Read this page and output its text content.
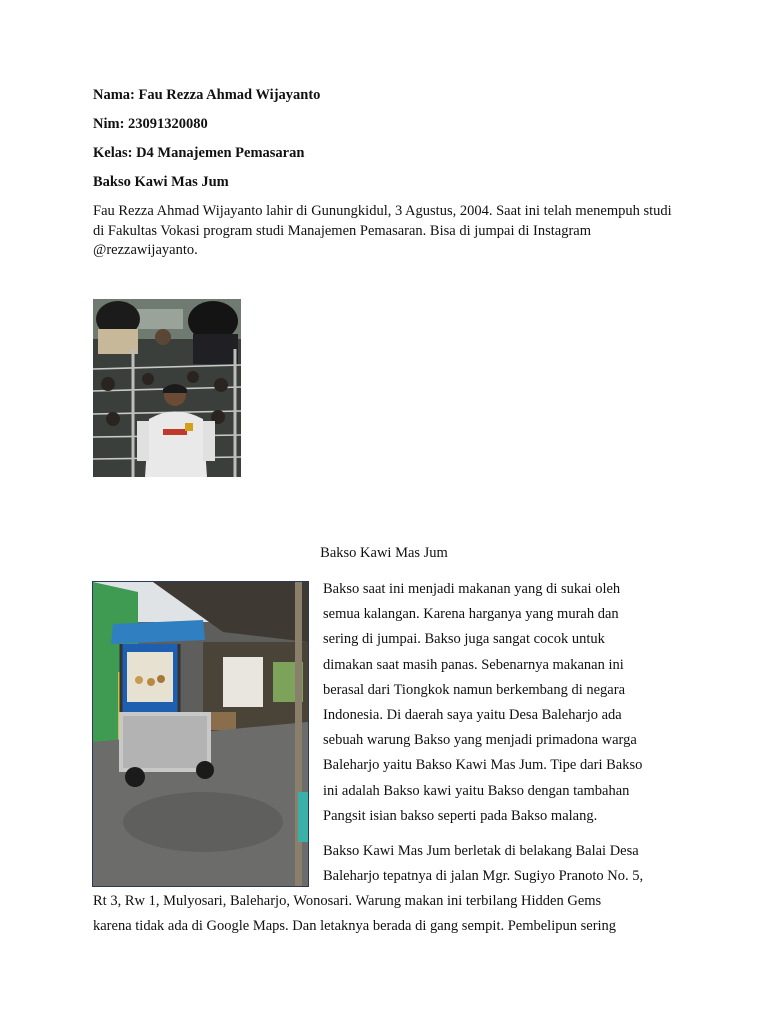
Nama: Fau Rezza Ahmad Wijayanto
Nim: 23091320080
Kelas: D4 Manajemen Pemasaran
Bakso Kawi Mas Jum
Fau Rezza Ahmad Wijayanto lahir di Gunungkidul, 3 Agustus, 2004. Saat ini telah menempuh studi di Fakultas Vokasi program studi Manajemen Pemasaran. Bisa di jumpai di Instagram @rezzawijayanto.
Bakso Kawi Mas Jum
Bakso saat ini menjadi makanan yang di sukai oleh
semua kalangan. Karena harganya yang murah dan
sering di jumpai. Bakso juga sangat cocok untuk
dimakan saat masih panas. Sebenarnya makanan ini
berasal dari Tiongkok namun berkembang di negara
Indonesia. Di daerah saya yaitu Desa Baleharjo ada
sebuah warung Bakso yang menjadi primadona warga
Baleharjo yaitu Bakso Kawi Mas Jum. Tipe dari Bakso
ini adalah Bakso kawi yaitu Bakso dengan tambahan
Pangsit isian bakso seperti pada Bakso malang.
Bakso Kawi Mas Jum berletak di belakang Balai Desa
Baleharjo tepatnya di jalan Mgr. Sugiyo Pranoto No. 5,
Rt 3, Rw 1, Mulyosari, Baleharjo, Wonosari. Warung makan ini terbilang Hidden Gems
karena tidak ada di Google Maps. Dan letaknya berada di gang sempit. Pembelipun sering
